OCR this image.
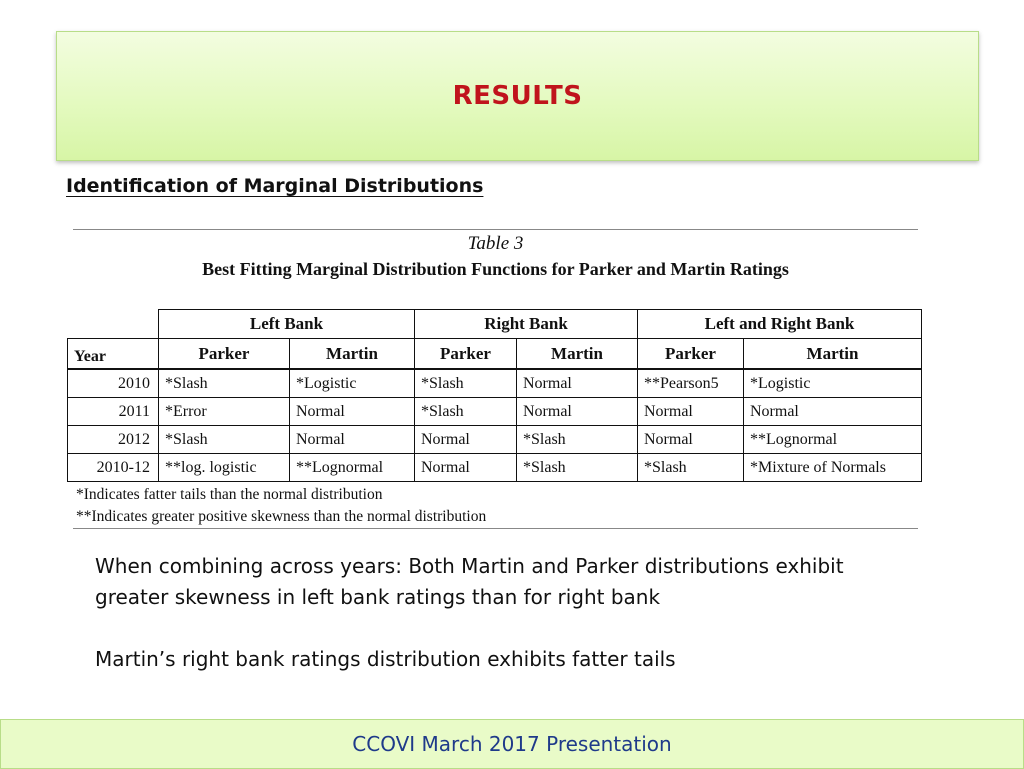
RESULTS
Identification of Marginal Distributions
Table 3
Best Fitting Marginal Distribution Functions for Parker and Martin Ratings
	Left Bank		Right Bank		Left and Right Bank	
Year	Parker	Martin	Parker	Martin	Parker	Martin
2010	*Slash	*Logistic	*Slash	Normal	**Pearson5	*Logistic
2011	*Error	Normal	*Slash	Normal	Normal	Normal
2012	*Slash	Normal	Normal	*Slash	Normal	**Lognormal
2010-12	**log. logistic	**Lognormal	Normal	*Slash	*Slash	*Mixture of Normals
*Indicates fatter tails than the normal distribution
**Indicates greater positive skewness than the normal distribution
When combining across years: Both Martin and Parker distributions exhibit greater skewness in left bank ratings than for right bank
Martin’s right bank ratings distribution exhibits fatter tails
CCOVI March 2017 Presentation
